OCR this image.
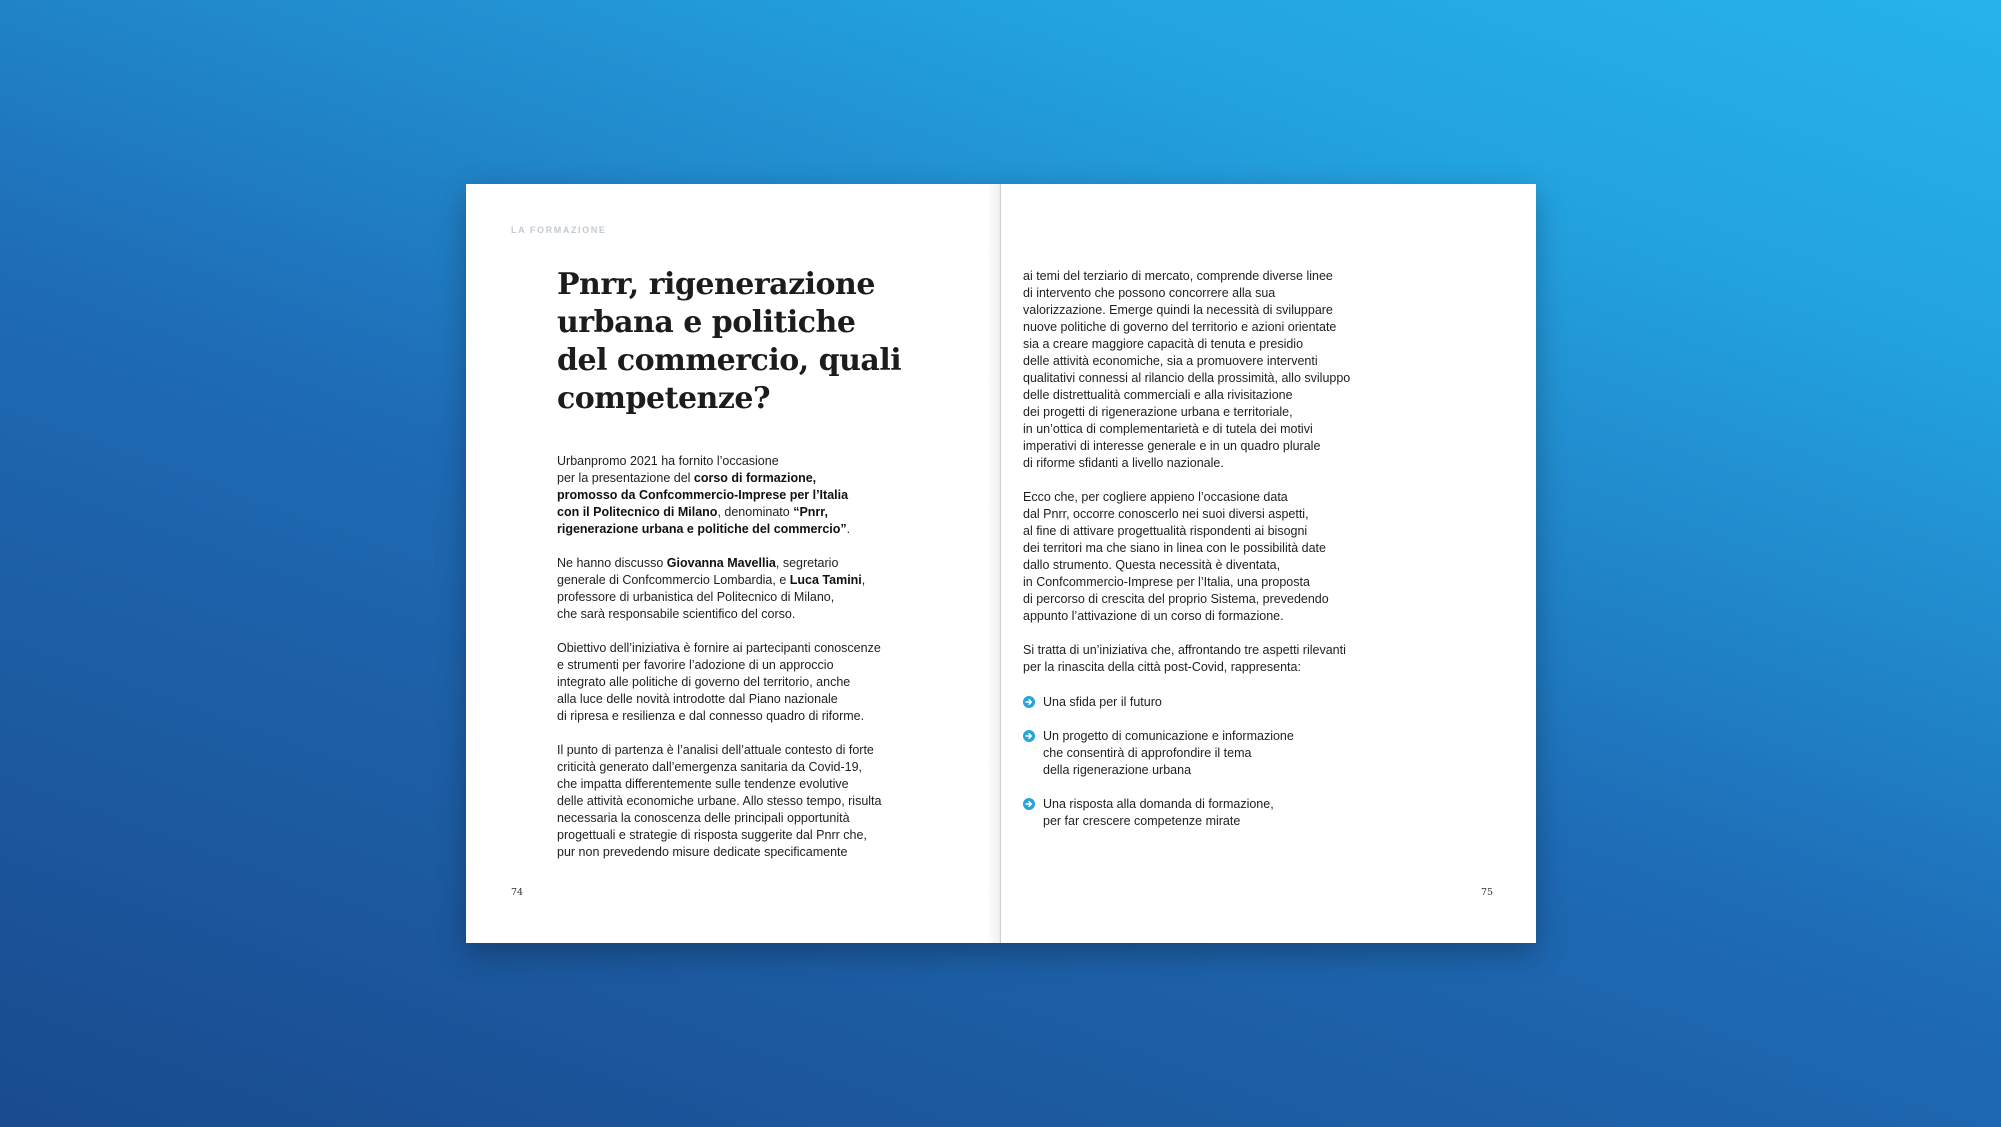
LA FORMAZIONE

Pnrr, rigenerazione
urbana e politiche
del commercio, quali
competenze?

Urbanpromo 2021 ha fornito l’occasione
per la presentazione del corso di formazione,
promosso da Confcommercio-Imprese per l’Italia
con il Politecnico di Milano, denominato “Pnrr,
rigenerazione urbana e politiche del commercio”.

Ne hanno discusso Giovanna Mavellia, segretario
generale di Confcommercio Lombardia, e Luca Tamini,
professore di urbanistica del Politecnico di Milano,
che sarà responsabile scientifico del corso.

Obiettivo dell’iniziativa è fornire ai partecipanti conoscenze
e strumenti per favorire l’adozione di un approccio
integrato alle politiche di governo del territorio, anche
alla luce delle novità introdotte dal Piano nazionale
di ripresa e resilienza e dal connesso quadro di riforme.

Il punto di partenza è l’analisi dell’attuale contesto di forte
criticità generato dall’emergenza sanitaria da Covid-19,
che impatta differentemente sulle tendenze evolutive
delle attività economiche urbane. Allo stesso tempo, risulta
necessaria la conoscenza delle principali opportunità
progettuali e strategie di risposta suggerite dal Pnrr che,
pur non prevedendo misure dedicate specificamente

74	75

ai temi del terziario di mercato, comprende diverse linee
di intervento che possono concorrere alla sua
valorizzazione. Emerge quindi la necessità di sviluppare
nuove politiche di governo del territorio e azioni orientate
sia a creare maggiore capacità di tenuta e presidio
delle attività economiche, sia a promuovere interventi
qualitativi connessi al rilancio della prossimità, allo sviluppo
delle distrettualità commerciali e alla rivisitazione
dei progetti di rigenerazione urbana e territoriale,
in un’ottica di complementarietà e di tutela dei motivi
imperativi di interesse generale e in un quadro plurale
di riforme sfidanti a livello nazionale.

Ecco che, per cogliere appieno l’occasione data
dal Pnrr, occorre conoscerlo nei suoi diversi aspetti,
al fine di attivare progettualità rispondenti ai bisogni
dei territori ma che siano in linea con le possibilità date
dallo strumento. Questa necessità è diventata,
in Confcommercio-Imprese per l’Italia, una proposta
di percorso di crescita del proprio Sistema, prevedendo
appunto l’attivazione di un corso di formazione.

Si tratta di un’iniziativa che, affrontando tre aspetti rilevanti
per la rinascita della città post-Covid, rappresenta:

Una sfida per il futuro
Un progetto di comunicazione e informazione
che consentirà di approfondire il tema
della rigenerazione urbana
Una risposta alla domanda di formazione,
per far crescere competenze mirate
